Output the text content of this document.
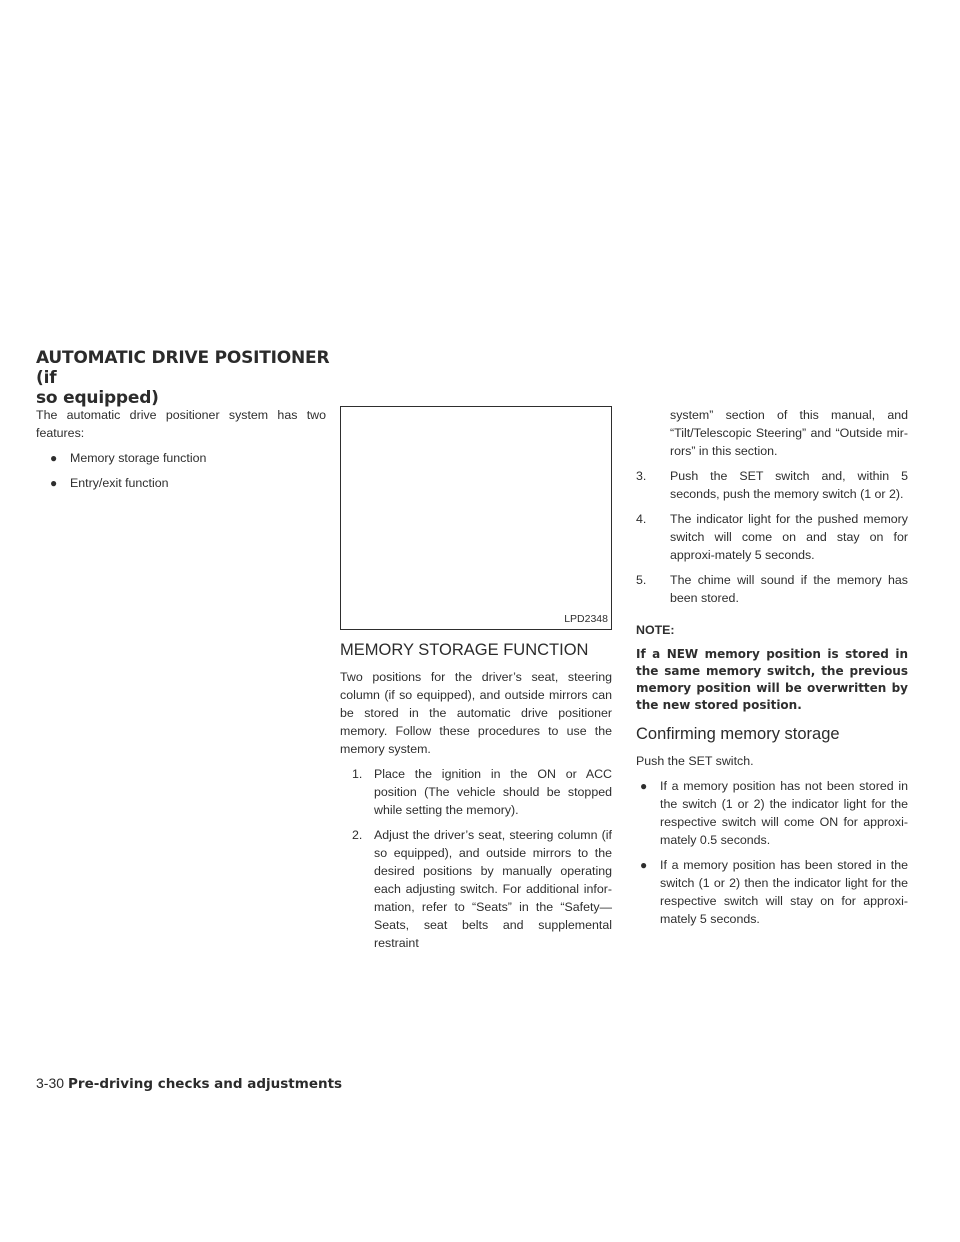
AUTOMATIC DRIVE POSITIONER (if
so equipped)

The automatic drive positioner system has two features:

● Memory storage function
● Entry/exit function
LPD2348
MEMORY STORAGE FUNCTION

Two positions for the driver’s seat, steering column (if so equipped), and outside mirrors can be stored in the automatic drive positioner memory. Follow these procedures to use the memory system.

1. Place the ignition in the ON or ACC position (The vehicle should be stopped while setting the memory).

2. Adjust the driver’s seat, steering column (if so equipped), and outside mirrors to the desired positions by manually operating each adjusting switch. For additional infor-mation, refer to “Seats” in the “Safety—Seats, seat belts and supplemental restraint

system” section of this manual, and “Tilt/Telescopic Steering” and “Outside mir-rors” in this section.

3. Push the SET switch and, within 5 seconds, push the memory switch (1 or 2).

4. The indicator light for the pushed memory switch will come on and stay on for approxi-mately 5 seconds.

5. The chime will sound if the memory has been stored.

NOTE:

If a NEW memory position is stored in the same memory switch, the previous memory position will be overwritten by the new stored position.

Confirming memory storage

Push the SET switch.

● If a memory position has not been stored in the switch (1 or 2) the indicator light for the respective switch will come ON for approxi-mately 0.5 seconds.

● If a memory position has been stored in the switch (1 or 2) then the indicator light for the respective switch will stay on for approxi-mately 5 seconds.

3-30 Pre-driving checks and adjustments
